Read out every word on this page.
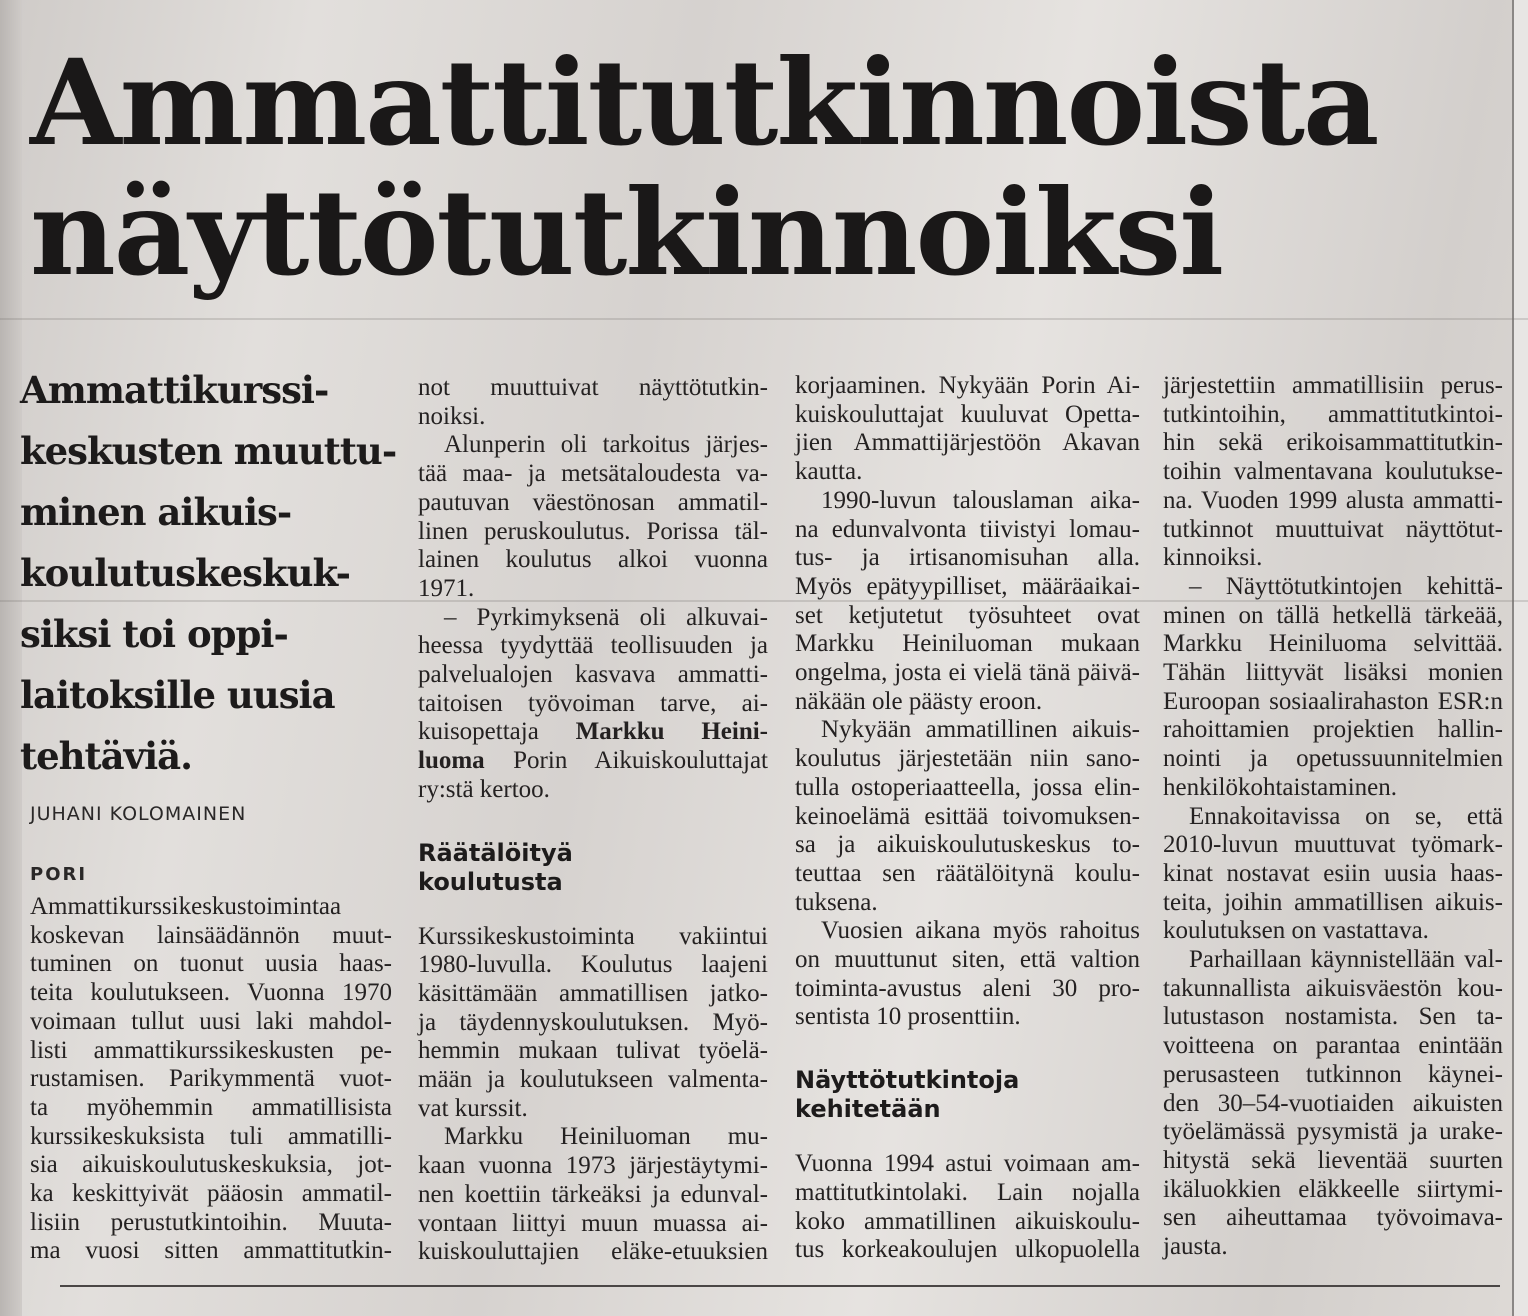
Ammattitutkinnoista
näyttötutkinnoiksi
Ammattikurssi-
keskusten muuttu-
minen aikuis-
koulutuskeskuk-
siksi toi oppi-
laitoksille uusia
tehtäviä.
JUHANI KOLOMAINEN
PORI
Ammattikurssikeskustoimintaa
koskevan lainsäädännön muut-
tuminen on tuonut uusia haas-
teita koulutukseen. Vuonna 1970
voimaan tullut uusi laki mahdol-
listi ammattikurssikeskusten pe-
rustamisen. Parikymmentä vuot-
ta myöhemmin ammatillisista
kurssikeskuksista tuli ammatilli-
sia aikuiskoulutuskeskuksia, jot-
ka keskittyivät pääosin ammatil-
lisiin perustutkintoihin. Muuta-
ma vuosi sitten ammattitutkin-
not muuttuivat näyttötutkin-
noiksi.
Alunperin oli tarkoitus järjes-
tää maa- ja metsätaloudesta va-
pautuvan väestönosan ammatil-
linen peruskoulutus. Porissa täl-
lainen koulutus alkoi vuonna
1971.
– Pyrkimyksenä oli alkuvai-
heessa tyydyttää teollisuuden ja
palvelualojen kasvava ammatti-
taitoisen työvoiman tarve, ai-
kuisopettaja Markku Heini-
luoma Porin Aikuiskouluttajat
ry:stä kertoo.
Räätälöityä
koulutusta
Kurssikeskustoiminta vakiintui
1980-luvulla. Koulutus laajeni
käsittämään ammatillisen jatko-
ja täydennyskoulutuksen. Myö-
hemmin mukaan tulivat työelä-
mään ja koulutukseen valmenta-
vat kurssit.
Markku Heiniluoman mu-
kaan vuonna 1973 järjestäytymi-
nen koettiin tärkeäksi ja edunval-
vontaan liittyi muun muassa ai-
kuiskouluttajien eläke-etuuksien
korjaaminen. Nykyään Porin Ai-
kuiskouluttajat kuuluvat Opetta-
jien Ammattijärjestöön Akavan
kautta.
1990-luvun talouslaman aika-
na edunvalvonta tiivistyi lomau-
tus- ja irtisanomisuhan alla.
Myös epätyypilliset, määräaikai-
set ketjutetut työsuhteet ovat
Markku Heiniluoman mukaan
ongelma, josta ei vielä tänä päivä-
näkään ole päästy eroon.
Nykyään ammatillinen aikuis-
koulutus järjestetään niin sano-
tulla ostoperiaatteella, jossa elin-
keinoelämä esittää toivomuksen-
sa ja aikuiskoulutuskeskus to-
teuttaa sen räätälöitynä koulu-
tuksena.
Vuosien aikana myös rahoitus
on muuttunut siten, että valtion
toiminta-avustus aleni 30 pro-
sentista 10 prosenttiin.
Näyttötutkintoja
kehitetään
Vuonna 1994 astui voimaan am-
mattitutkintolaki. Lain nojalla
koko ammatillinen aikuiskoulu-
tus korkeakoulujen ulkopuolella
järjestettiin ammatillisiin perus-
tutkintoihin, ammattitutkintoi-
hin sekä erikoisammattitutkin-
toihin valmentavana koulutukse-
na. Vuoden 1999 alusta ammatti-
tutkinnot muuttuivat näyttötut-
kinnoiksi.
– Näyttötutkintojen kehittä-
minen on tällä hetkellä tärkeää,
Markku Heiniluoma selvittää.
Tähän liittyvät lisäksi monien
Euroopan sosiaalirahaston ESR:n
rahoittamien projektien hallin-
nointi ja opetussuunnitelmien
henkilökohtaistaminen.
Ennakoitavissa on se, että
2010-luvun muuttuvat työmark-
kinat nostavat esiin uusia haas-
teita, joihin ammatillisen aikuis-
koulutuksen on vastattava.
Parhaillaan käynnistellään val-
takunnallista aikuisväestön kou-
lutustason nostamista. Sen ta-
voitteena on parantaa enintään
perusasteen tutkinnon käynei-
den 30–54-vuotiaiden aikuisten
työelämässä pysymistä ja urake-
hitystä sekä lieventää suurten
ikäluokkien eläkkeelle siirtymi-
sen aiheuttamaa työvoimava-
jausta.
